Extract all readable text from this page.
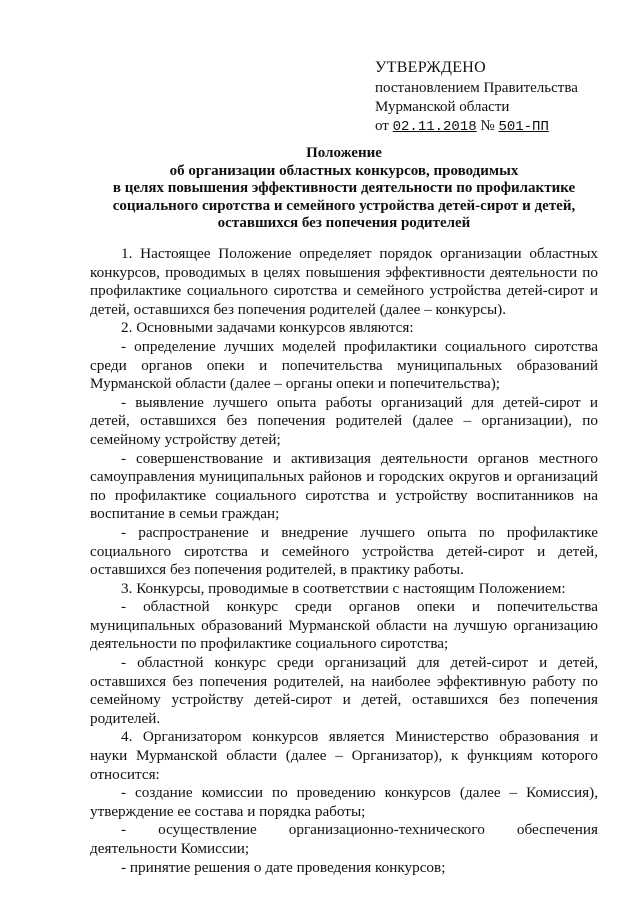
УТВЕРЖДЕНО
постановлением Правительства
Мурманской области
от 02.11.2018 № 501-ПП
Положение
об организации областных конкурсов, проводимых
в целях повышения эффективности деятельности по профилактике
социального сиротства и семейного устройства детей-сирот и детей,
оставшихся без попечения родителей

1. Настоящее Положение определяет порядок организации областных конкурсов, проводимых в целях повышения эффективности деятельности по профилактике социального сиротства и семейного устройства детей-сирот и детей, оставшихся без попечения родителей (далее – конкурсы).

2. Основными задачами конкурсов являются:

- определение лучших моделей профилактики социального сиротства среди органов опеки и попечительства муниципальных образований Мурманской области (далее – органы опеки и попечительства);

- выявление лучшего опыта работы организаций для детей-сирот и детей, оставшихся без попечения родителей (далее – организации), по семейному устройству детей;

- совершенствование и активизация деятельности органов местного самоуправления муниципальных районов и городских округов и организаций по профилактике социального сиротства и устройству воспитанников на воспитание в семьи граждан;

- распространение и внедрение лучшего опыта по профилактике социального сиротства и семейного устройства детей-сирот и детей, оставшихся без попечения родителей, в практику работы.

3. Конкурсы, проводимые в соответствии с настоящим Положением:

- областной конкурс среди органов опеки и попечительства муниципальных образований Мурманской области на лучшую организацию деятельности по профилактике социального сиротства;

- областной конкурс среди организаций для детей-сирот и детей, оставшихся без попечения родителей, на наиболее эффективную работу по семейному устройству детей-сирот и детей, оставшихся без попечения родителей.

4. Организатором конкурсов является Министерство образования и науки Мурманской области (далее – Организатор), к функциям которого относится:

- создание комиссии по проведению конкурсов (далее – Комиссия), утверждение ее состава и порядка работы;

- осуществление организационно-технического обеспечения деятельности Комиссии;

- принятие решения о дате проведения конкурсов;
